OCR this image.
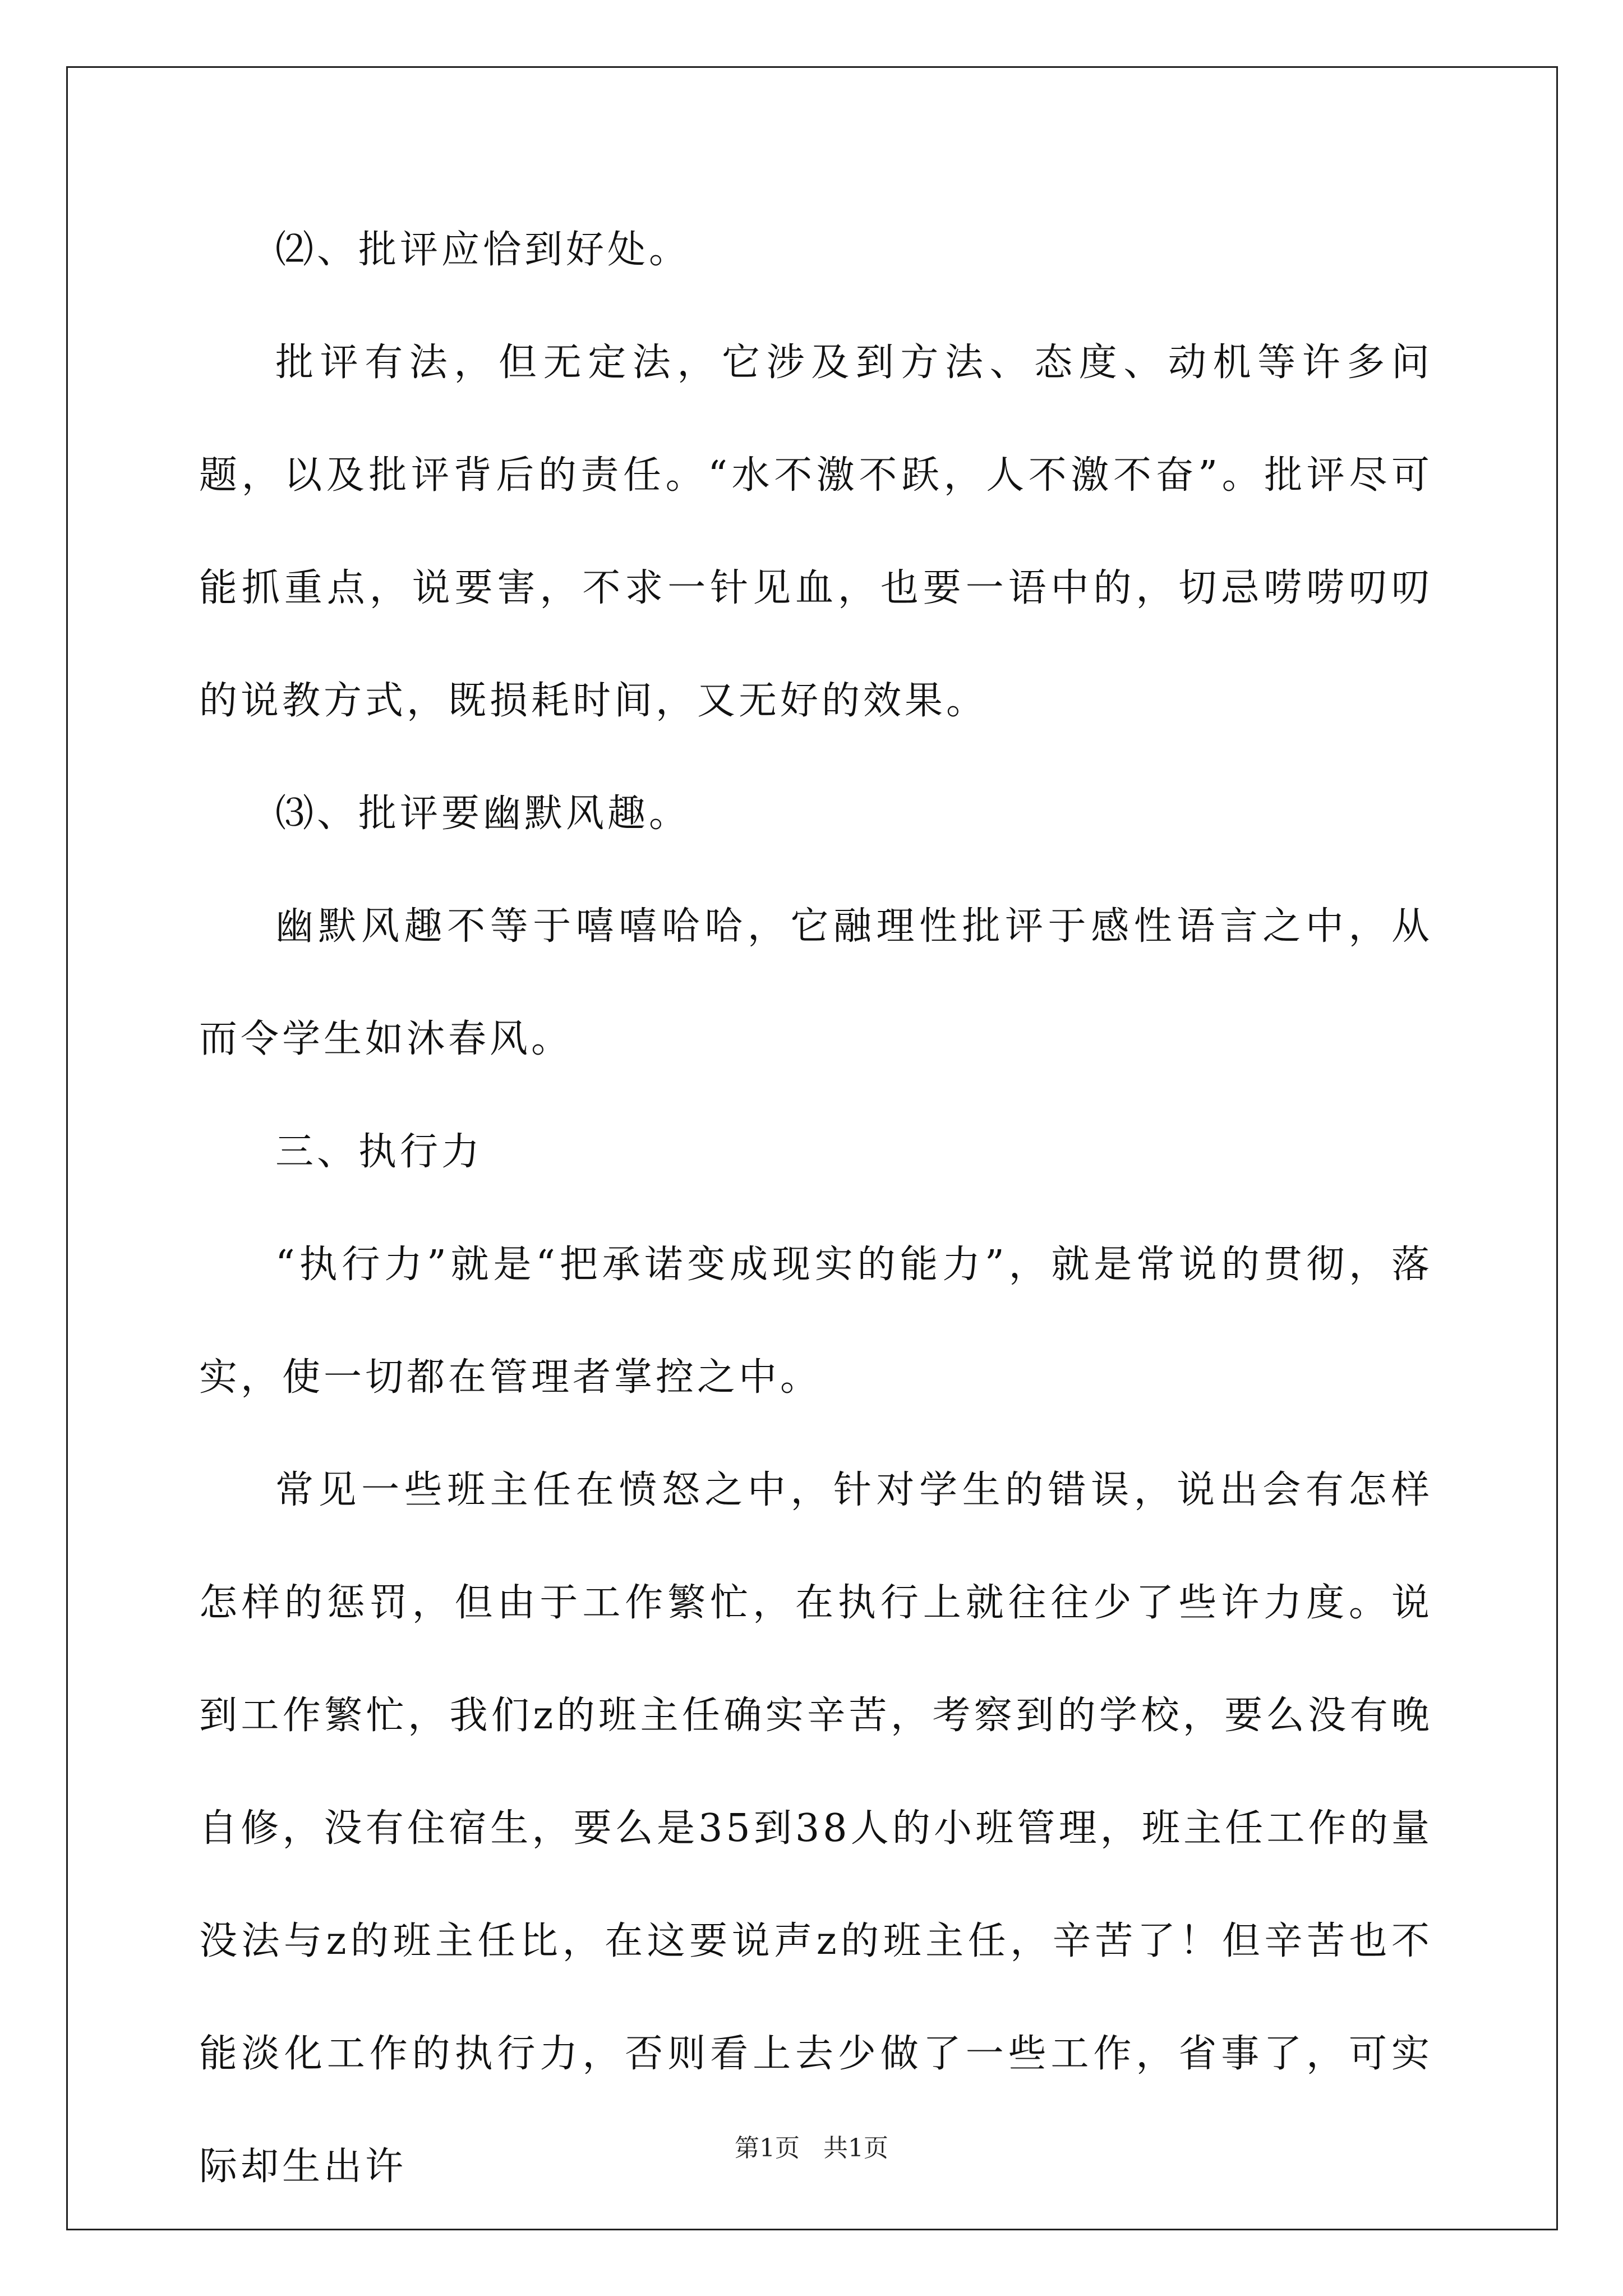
⑵、批评应恰到好处。

批评有法，但无定法，它涉及到方法、态度、动机等许多问题，以及批评背后的责任。“水不激不跃，人不激不奋”。批评尽可能抓重点，说要害，不求一针见血，也要一语中的，切忌唠唠叨叨的说教方式，既损耗时间，又无好的效果。

⑶、批评要幽默风趣。

幽默风趣不等于嘻嘻哈哈，它融理性批评于感性语言之中，从而令学生如沐春风。

三、执行力

“执行力”就是“把承诺变成现实的能力”，就是常说的贯彻，落实，使一切都在管理者掌控之中。

常见一些班主任在愤怒之中，针对学生的错误，说出会有怎样怎样的惩罚，但由于工作繁忙，在执行上就往往少了些许力度。说到工作繁忙，我们z的班主任确实辛苦，考察到的学校，要么没有晚自修，没有住宿生，要么是35到38人的小班管理，班主任工作的量没法与z的班主任比，在这要说声z的班主任，辛苦了！但辛苦也不能淡化工作的执行力，否则看上去少做了一些工作，省事了，可实际却生出许	第1页 共1页
